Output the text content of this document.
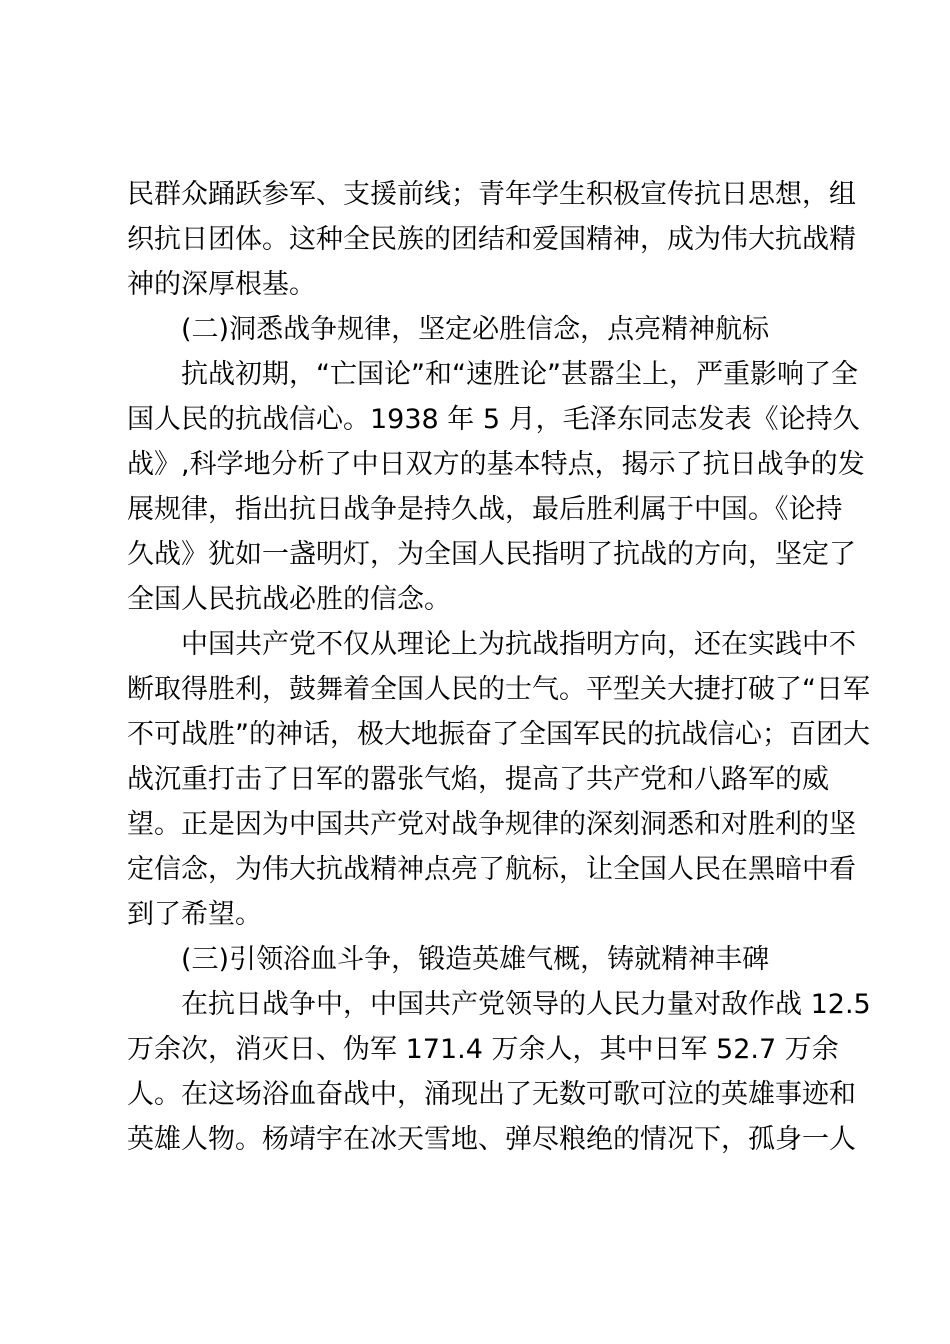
民群众踊跃参军、支援前线；青年学生积极宣传抗日思想，组
织抗日团体。这种全民族的团结和爱国精神，成为伟大抗战精
神的深厚根基。
(二)洞悉战争规律，坚定必胜信念，点亮精神航标
抗战初期，“亡国论”和“速胜论”甚嚣尘上，严重影响了全
国人民的抗战信心。1938 年 5 月，毛泽东同志发表《论持久
战》,科学地分析了中日双方的基本特点，揭示了抗日战争的发
展规律，指出抗日战争是持久战，最后胜利属于中国。《论持
久战》犹如一盏明灯，为全国人民指明了抗战的方向，坚定了
全国人民抗战必胜的信念。
中国共产党不仅从理论上为抗战指明方向，还在实践中不
断取得胜利，鼓舞着全国人民的士气。平型关大捷打破了“日军
不可战胜”的神话，极大地振奋了全国军民的抗战信心；百团大
战沉重打击了日军的嚣张气焰，提高了共产党和八路军的威
望。正是因为中国共产党对战争规律的深刻洞悉和对胜利的坚
定信念，为伟大抗战精神点亮了航标，让全国人民在黑暗中看
到了希望。
(三)引领浴血斗争，锻造英雄气概，铸就精神丰碑
在抗日战争中，中国共产党领导的人民力量对敌作战 12.5
万余次，消灭日、伪军 171.4 万余人，其中日军 52.7 万余
人。在这场浴血奋战中，涌现出了无数可歌可泣的英雄事迹和
英雄人物。杨靖宇在冰天雪地、弹尽粮绝的情况下，孤身一人
